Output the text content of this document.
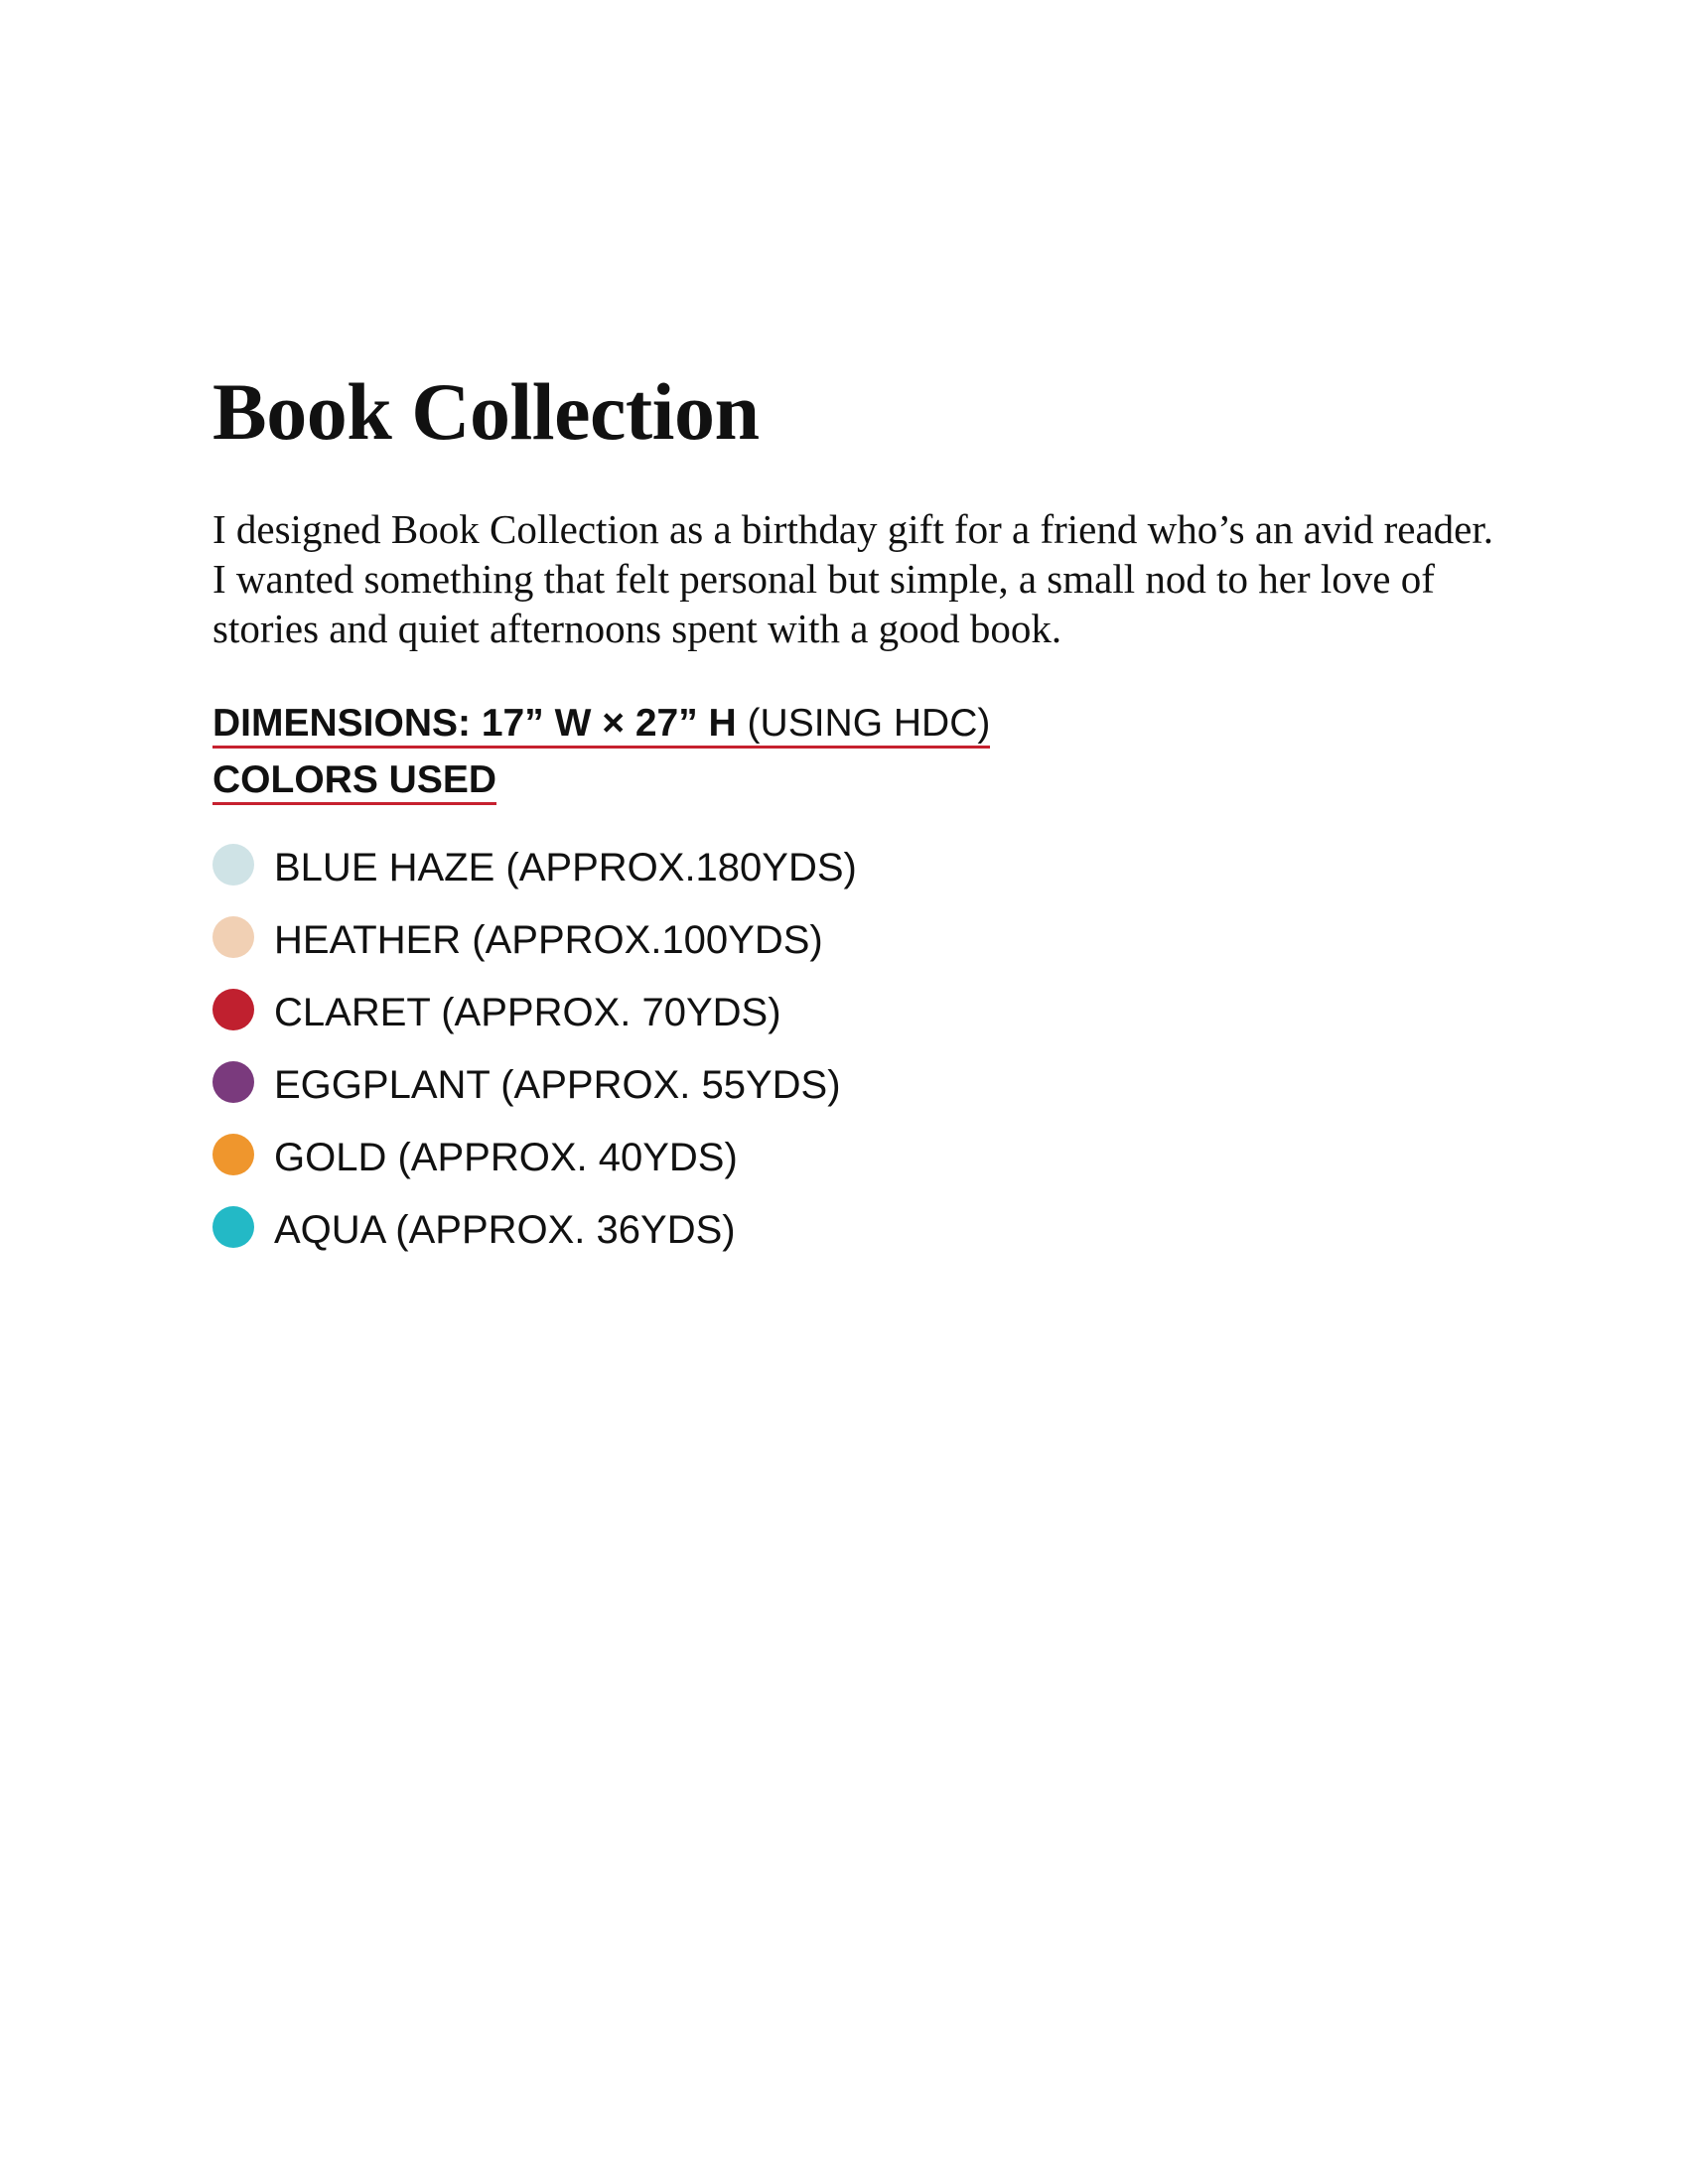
Book Collection

I designed Book Collection as a birthday gift for a friend who’s an avid reader. I wanted something that felt personal but simple, a small nod to her love of stories and quiet afternoons spent with a good book.

DIMENSIONS: 17” W × 27” H (USING HDC)
COLORS USED
BLUE HAZE (APPROX.180YDS)
HEATHER (APPROX.100YDS)
CLARET (APPROX. 70YDS)
EGGPLANT (APPROX. 55YDS)
GOLD (APPROX. 40YDS)
AQUA (APPROX. 36YDS)
